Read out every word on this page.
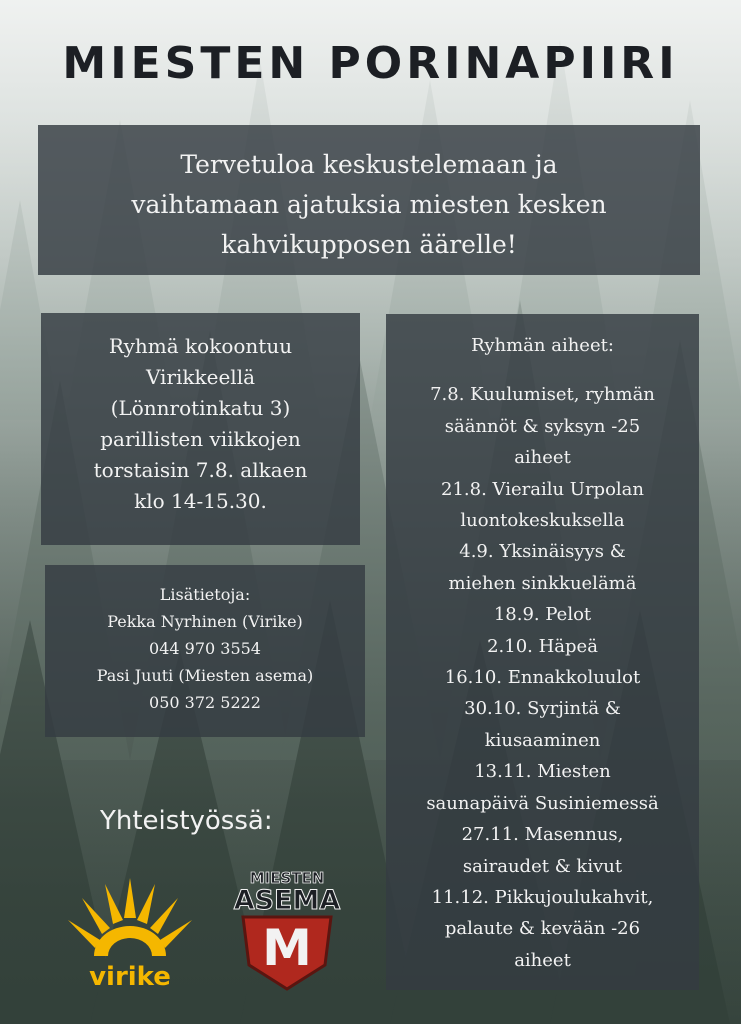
MIESTEN PORINAPIIRI
Tervetuloa keskustelemaan ja
vaihtamaan ajatuksia miesten kesken
kahvikupposen äärelle!
Ryhmä kokoontuu
Virikkeellä
(Lönnrotinkatu 3)
parillisten viikkojen
torstaisin 7.8. alkaen
klo 14-15.30.
Lisätietoja:
Pekka Nyrhinen (Virike)
044 970 3554
Pasi Juuti (Miesten asema)
050 372 5222
Ryhmän aiheet:
7.8. Kuulumiset, ryhmän
säännöt & syksyn -25
aiheet
21.8. Vierailu Urpolan
luontokeskuksella
4.9. Yksinäisyys &
miehen sinkkuelämä
18.9. Pelot
2.10. Häpeä
16.10. Ennakkoluulot
30.10. Syrjintä &
kiusaaminen
13.11. Miesten
saunapäivä Susiniemessä
27.11. Masennus,
sairaudet & kivut
11.12. Pikkujoulukahvit,
palaute & kevään -26
aiheet
Yhteistyössä:
virike
MIESTEN
ASEMA
M
